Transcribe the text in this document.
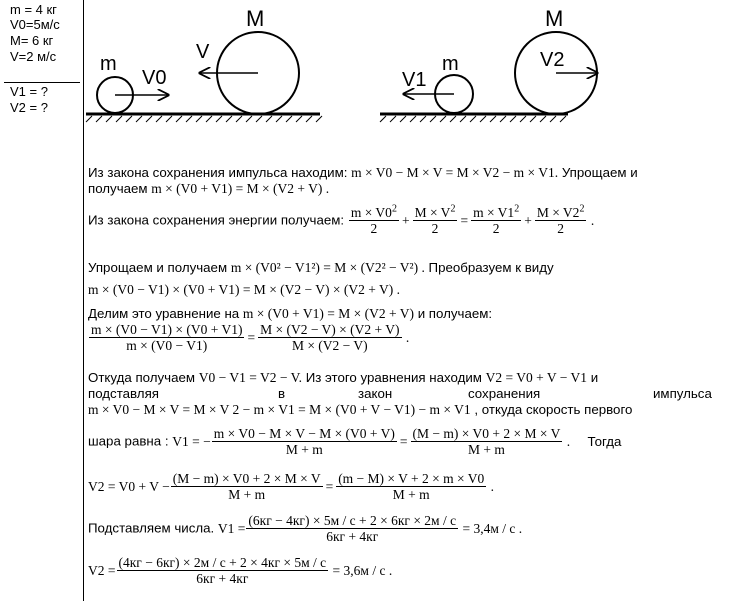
m = 4 кг
V0=5м/с
M= 6 кг
V=2 м/с
V1 = ?
V2 = ?
m
V0
V
M
m
V1
V2
M
Из закона сохранения импульса находим: m × V0 − M × V = M × V2 − m × V1. Упрощаем и
получаем m × (V0 + V1) = M × (V2 + V) .
Из закона сохранения энергии получаем: $\frac{m \times V0^2}{2} + \frac{M \times V^2}{2} = \frac{m \times V1^2}{2} + \frac{M \times V2^2}{2}$ .
Упрощаем и получаем m × (V0² − V1²) = M × (V2² − V²) . Преобразуем к виду
m × (V0 − V1) × (V0 + V1) = M × (V2 − V) × (V2 + V) .
Делим это уравнение на m × (V0 + V1) = M × (V2 + V) и получаем:
$\frac{m \times (V0 - V1) \times (V0 + V1)}{m \times (V0 - V1)} = \frac{M \times (V2 - V) \times (V2 + V)}{M \times (V2 - V)}$ .
Откуда получаем V0 − V1 = V2 − V. Из этого уравнения находим V2 = V0 + V − V1 и
подставляя	в	закон	сохранения	импульса
m × V0 − M × V = M × V 2 − m × V1 = M × (V0 + V − V1) − m × V1 , откуда скорость первого
шара равна : V1 = − $\frac{m \times V0 - M \times V - M \times (V0 + V)}{M + m} = \frac{(M - m) \times V0 + 2 \times M \times V}{M + m}$ . Тогда
$V2 = V0 + V - \frac{(M - m) \times V0 + 2 \times M \times V}{M + m} = \frac{(m - M) \times V + 2 \times m \times V0}{M + m}$ .
Подставляем числа. $V1 = \frac{(6кг - 4кг) \times 5м / с + 2 \times 6кг \times 2м / с}{6кг + 4кг} = 3,4м / с$ .
$V2 = \frac{(4кг - 6кг) \times 2м / с + 2 \times 4кг \times 5м / с}{6кг + 4кг} = 3,6м / с$ .
